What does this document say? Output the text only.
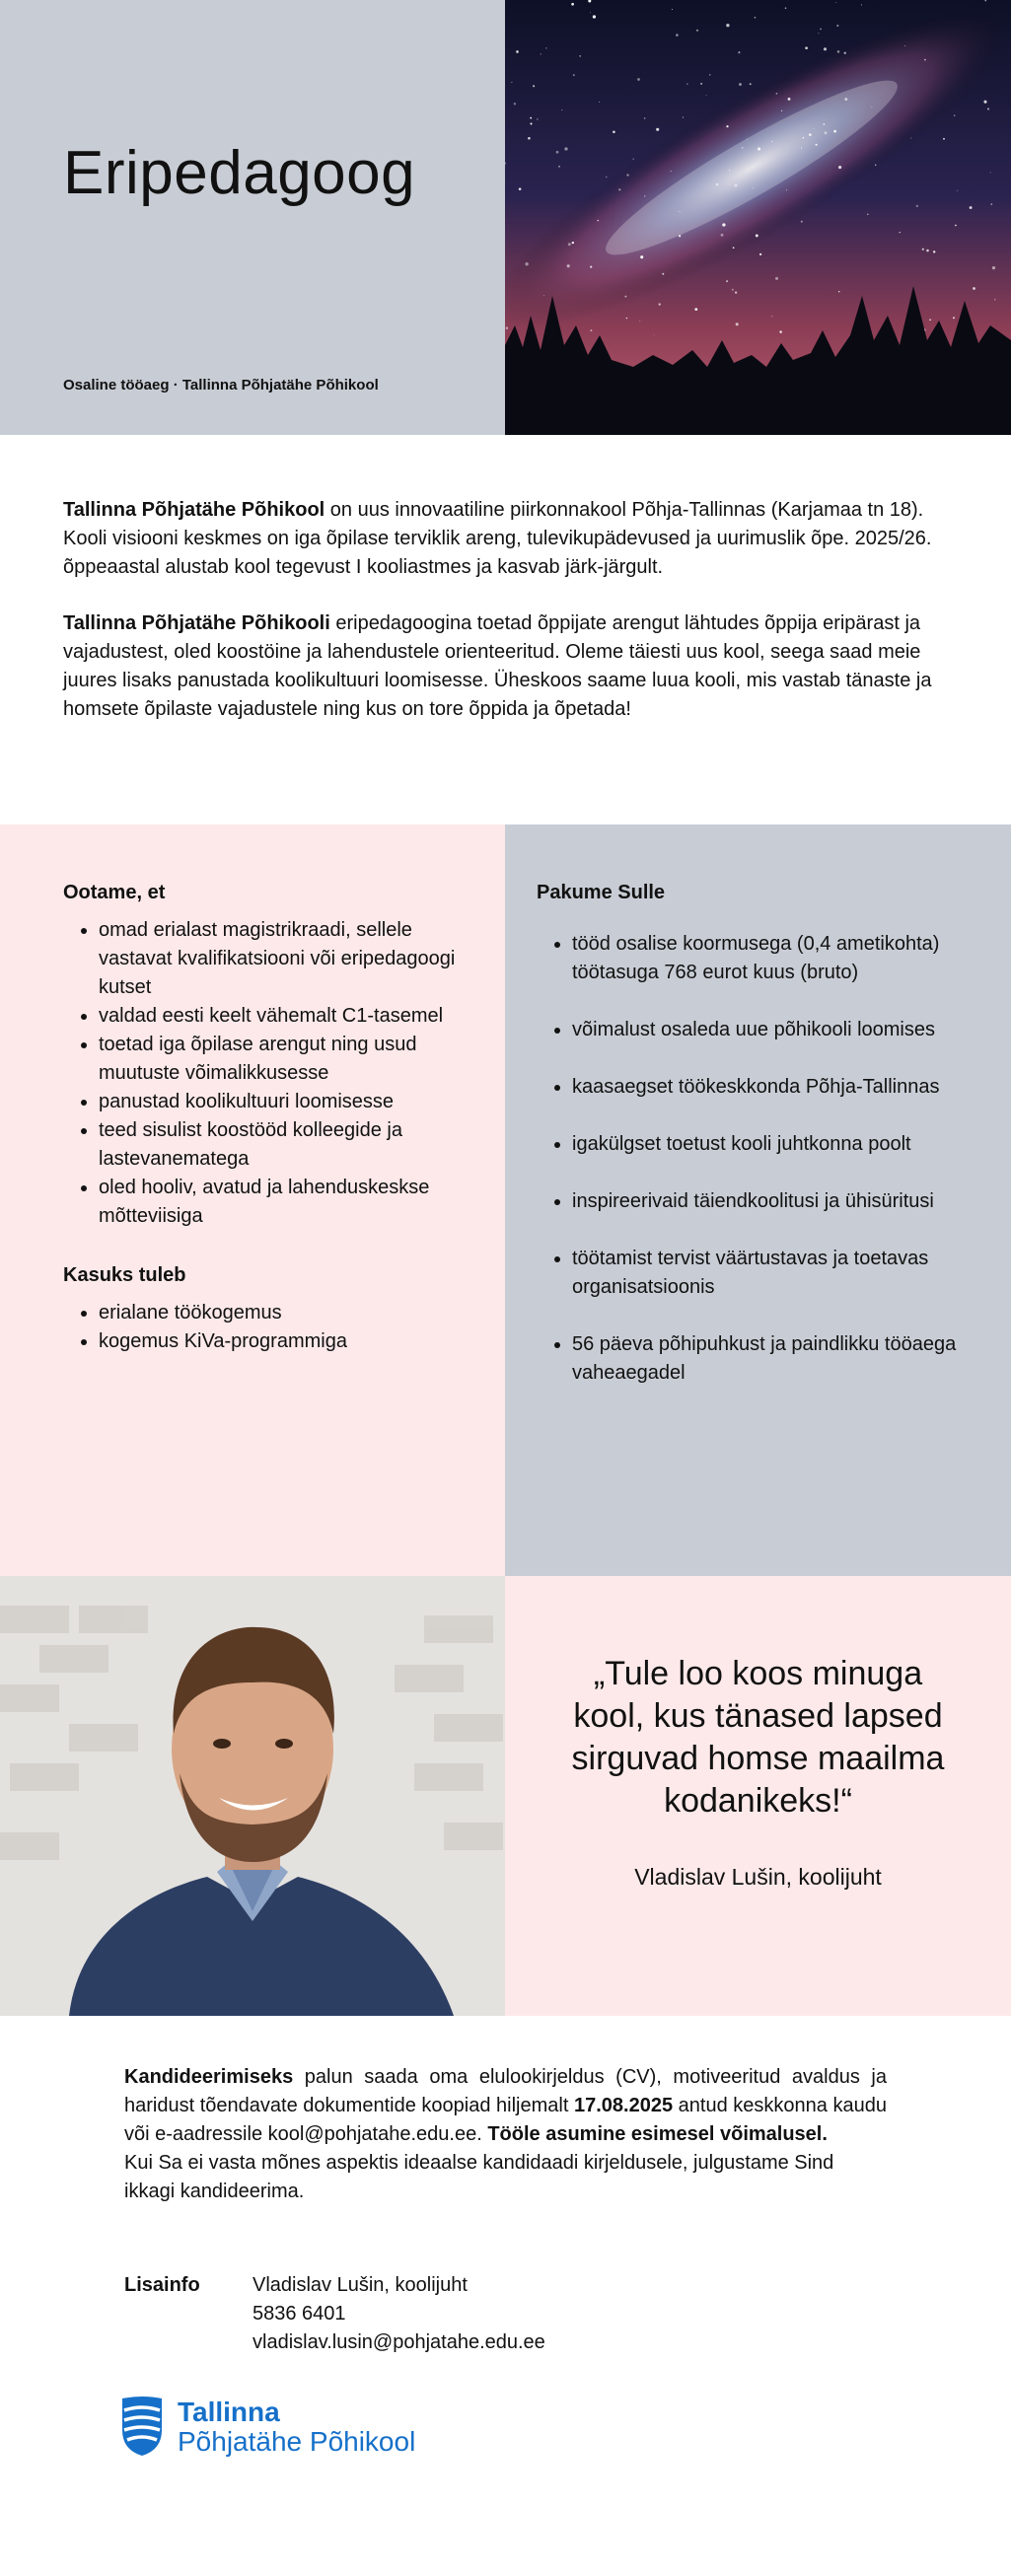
Eripedagoog
Osaline tööaeg · Tallinna Põhjatähe Põhikool

Tallinna Põhjatähe Põhikool on uus innovaatiline piirkonnakool Põhja-Tallinnas (Karjamaa tn 18). Kooli visiooni keskmes on iga õpilase terviklik areng, tulevikupädevused ja uurimuslik õpe. 2025/26. õppeaastal alustab kool tegevust I kooliastmes ja kasvab järk-järgult.

Tallinna Põhjatähe Põhikooli eripedagoogina toetad õppijate arengut lähtudes õppija eripärast ja vajadustest, oled koostöine ja lahendustele orienteeritud. Oleme täiesti uus kool, seega saad meie juures lisaks panustada koolikultuuri loomisesse. Üheskoos saame luua kooli, mis vastab tänaste ja homsete õpilaste vajadustele ning kus on tore õppida ja õpetada!

Ootame, et
• omad erialast magistrikraadi, sellele vastavat kvalifikatsiooni või eripedagoogi kutset
• valdad eesti keelt vähemalt C1-tasemel
• toetad iga õpilase arengut ning usud muutuste võimalikkusesse
• panustad koolikultuuri loomisesse
• teed sisulist koostööd kolleegide ja lastevanematega
• oled hooliv, avatud ja lahenduskeskse mõtteviisiga
Kasuks tuleb
• erialane töökogemus
• kogemus KiVa-programmiga
Pakume Sulle
• tööd osalise koormusega (0,4 ametikohta) töötasuga 768 eurot kuus (bruto)
• võimalust osaleda uue põhikooli loomises
• kaasaegset töökeskkonda Põhja-Tallinnas
• igakülgset toetust kooli juhtkonna poolt
• inspireerivaid täiendkoolitusi ja ühisüritusi
• töötamist tervist väärtustavas ja toetavas organisatsioonis
• 56 päeva põhipuhkust ja paindlikku tööaega vaheaegadel

„Tule loo koos minuga kool, kus tänased lapsed sirguvad homse maailma kodanikeks!“

Vladislav Lušin, koolijuht

Kandideerimiseks palun saada oma elulookirjeldus (CV), motiveeritud avaldus ja haridust tõendavate dokumentide koopiad hiljemalt 17.08.2025 antud keskkonna kaudu või e-aadressile kool@pohjatahe.edu.ee. Tööle asumine esimesel võimalusel.

Kui Sa ei vasta mõnes aspektis ideaalse kandidaadi kirjeldusele, julgustame Sind ikkagi kandideerima.

Lisainfo	Vladislav Lušin, koolijuht
5836 6401
vladislav.lusin@pohjatahe.edu.ee
Tallinna
Põhjatähe Põhikool
